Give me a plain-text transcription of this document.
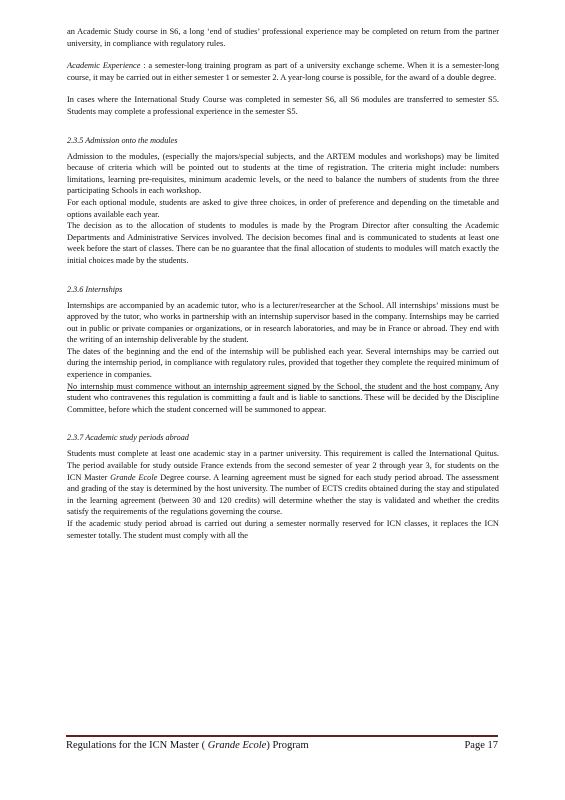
an Academic Study course in S6, a long ‘end of studies’ professional experience may be completed on return from the partner university, in compliance with regulatory rules.

Academic Experience : a semester-long training program as part of a university exchange scheme. When it is a semester-long course, it may be carried out in either semester 1 or semester 2. A year-long course is possible, for the award of a double degree.

In cases where the International Study Course was completed in semester S6, all S6 modules are transferred to semester S5. Students may complete a professional experience in the semester S5.

2.3.5 Admission onto the modules

Admission to the modules, (especially the majors/special subjects, and the ARTEM modules and workshops) may be limited because of criteria which will be pointed out to students at the time of registration. The criteria might include: numbers limitations, learning pre-requisites, minimum academic levels, or the need to balance the numbers of students from the three participating Schools in each workshop.

For each optional module, students are asked to give three choices, in order of preference and depending on the timetable and options available each year.

The decision as to the allocation of students to modules is made by the Program Director after consulting the Academic Departments and Administrative Services involved. The decision becomes final and is communicated to students at least one week before the start of classes. There can be no guarantee that the final allocation of students to modules will match exactly the initial choices made by the students.

2.3.6 Internships

Internships are accompanied by an academic tutor, who is a lecturer/researcher at the School. All internships’ missions must be approved by the tutor, who works in partnership with an internship supervisor based in the company. Internships may be carried out in public or private companies or organizations, or in research laboratories, and may be in France or abroad. They end with the writing of an internship deliverable by the student.

The dates of the beginning and the end of the internship will be published each year. Several internships may be carried out during the internship period, in compliance with regulatory rules, provided that together they complete the required minimum of experience in companies.

No internship must commence without an internship agreement signed by the School, the student and the host company. Any student who contravenes this regulation is committing a fault and is liable to sanctions. These will be decided by the Discipline Committee, before which the student concerned will be summoned to appear.

2.3.7 Academic study periods abroad

Students must complete at least one academic stay in a partner university. This requirement is called the International Quitus. The period available for study outside France extends from the second semester of year 2 through year 3, for students on the ICN Master Grande Ecole Degree course. A learning agreement must be signed for each study period abroad. The assessment and grading of the stay is determined by the host university. The number of ECTS credits obtained during the stay and stipulated in the learning agreement (between 30 and 120 credits) will determine whether the stay is validated and whether the credits satisfy the requirements of the regulations governing the course.

If the academic study period abroad is carried out during a semester normally reserved for ICN classes, it replaces the ICN semester totally. The student must comply with all the

Regulations for the ICN Master ( Grande Ecole) Program	Page 17
